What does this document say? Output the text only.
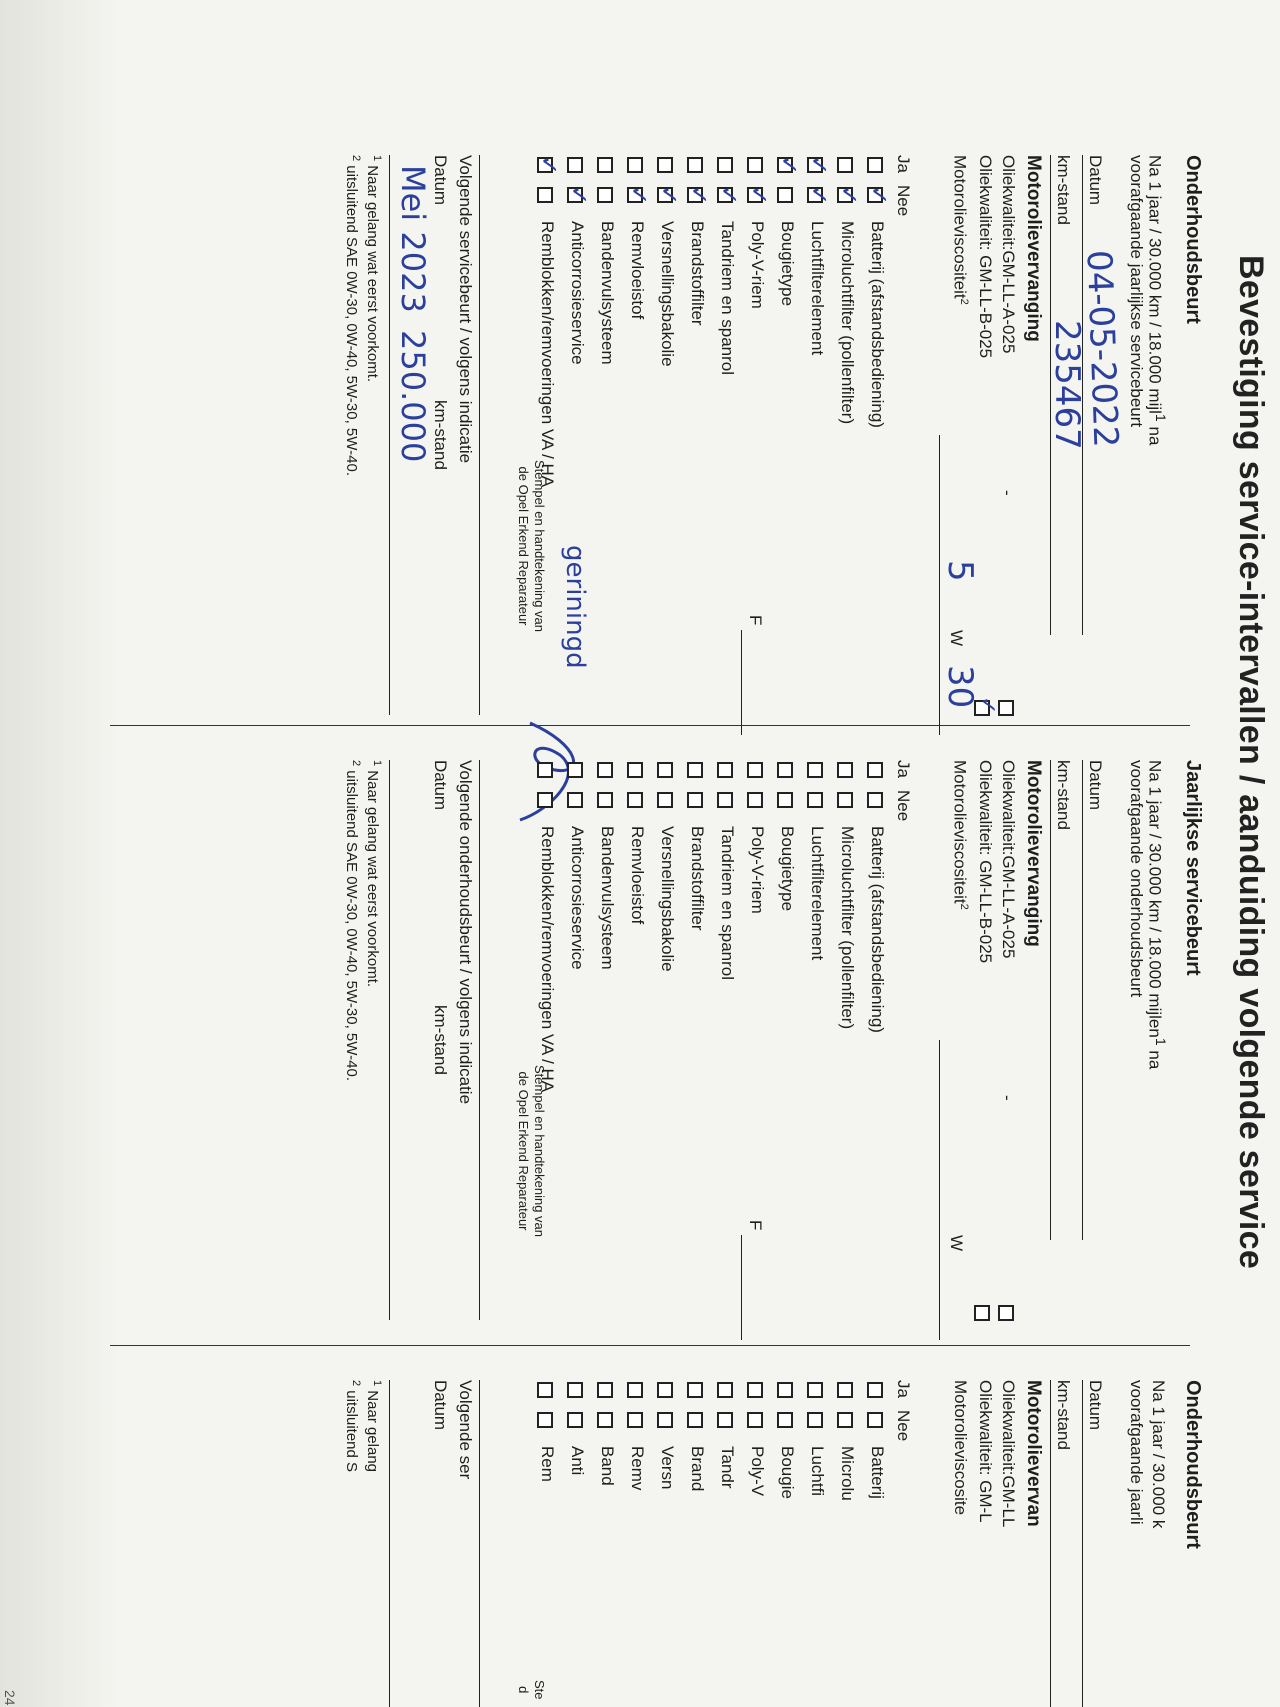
Bevestiging service-intervallen / aanduiding volgende service
24
Onderhoudsbeurt
Na 1 jaar / 30.000 km / 18.000 mijl$^1$ na
voorafgaande jaarlijkse servicebeurt
Datum
km-stand
04-05-2022
235467
Motorolievervanging
Oliekwaliteit:GM-LL-A-025
Oliekwaliteit: GM-LL-B-025
Motorolieviscositeit$^2$
-
✓
W
5
30
Ja
Nee
Batterij (afstandsbediening)
Microluchtfilter (pollenfilter)
Luchtfilterelement
Bougietype
Poly-V-riem
Tandriem en spanrol
Brandstoffilter
Versnellingsbakolie
Remvloeistof
Bandenvulsysteem
Anticorrosieservice
Remblokken/remvoeringen VA / HA
✓
✓
✓
✓
✓
✓
✓
✓
✓
✓
✓
✓
F
Stempel en handtekening van
de Opel Erkend Reparateur geriningd
Volgende servicebeurt / volgens indicatie
Datum
km-stand
Mei 2023
250.000
$^1$ Naar gelang wat eerst voorkomt.
$^2$ uitsluitend SAE 0W-30, 0W-40, 5W-30, 5W-40.
Jaarlijkse servicebeurt
Na 1 jaar / 30.000 km / 18.000 mijlen$^1$ na
voorafgaande onderhoudsbeurt
Datum
km-stand
Motorolievervanging
Oliekwaliteit:GM-LL-A-025
Oliekwaliteit: GM-LL-B-025
Motorolieviscositeit$^2$
-
W
Ja
Nee
Batterij (afstandsbediening)
Microluchtfilter (pollenfilter)
Luchtfilterelement
Bougietype
Poly-V-riem
Tandriem en spanrol
Brandstoffilter
Versnellingsbakolie
Remvloeistof
Bandenvulsysteem
Anticorrosieservice
Remblokken/remvoeringen VA / HA
F
Stempel en handtekening van
de Opel Erkend Reparateur
Volgende onderhoudsbeurt / volgens indicatie
Datum
km-stand
$^1$ Naar gelang wat eerst voorkomt.
$^2$ uitsluitend SAE 0W-30, 0W-40, 5W-30, 5W-40.
Onderhoudsbeurt
Na 1 jaar / 30.000 k
voorafgaande jaarli
Datum
km-stand
Motorolievervan
Oliekwaliteit:GM-LL
Oliekwaliteit: GM-L
Motorolieviscosite
Ja
Nee
Batterij
Microlu
Luchtfi
Bougie
Poly-V
Tandr
Brand
Versn
Remv
Band
Anti
Rem
Ste
d
Volgende ser
Datum
$^1$ Naar gelang
$^2$ uitsluitend S
